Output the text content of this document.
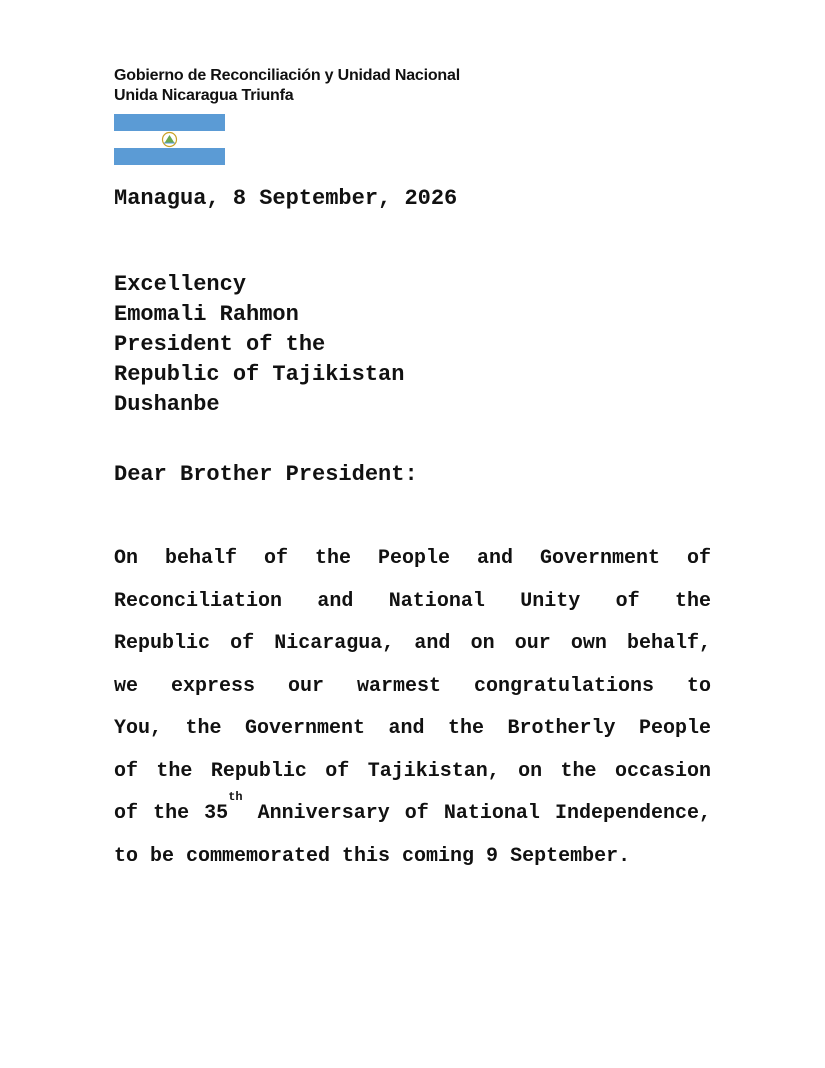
Gobierno de Reconciliación y Unidad Nacional
Unida Nicaragua Triunfa
Managua, 8 September, 2026
Excellency
Emomali Rahmon
President of the
Republic of Tajikistan
Dushanbe
Dear Brother President:
On behalf of the People and Government of
Reconciliation and National Unity of the
Republic of Nicaragua, and on our own behalf,
we express our warmest congratulations to
You, the Government and the Brotherly People
of the Republic of Tajikistan, on the occasion
of the 35th Anniversary of National Independence,
to be commemorated this coming 9 September.
